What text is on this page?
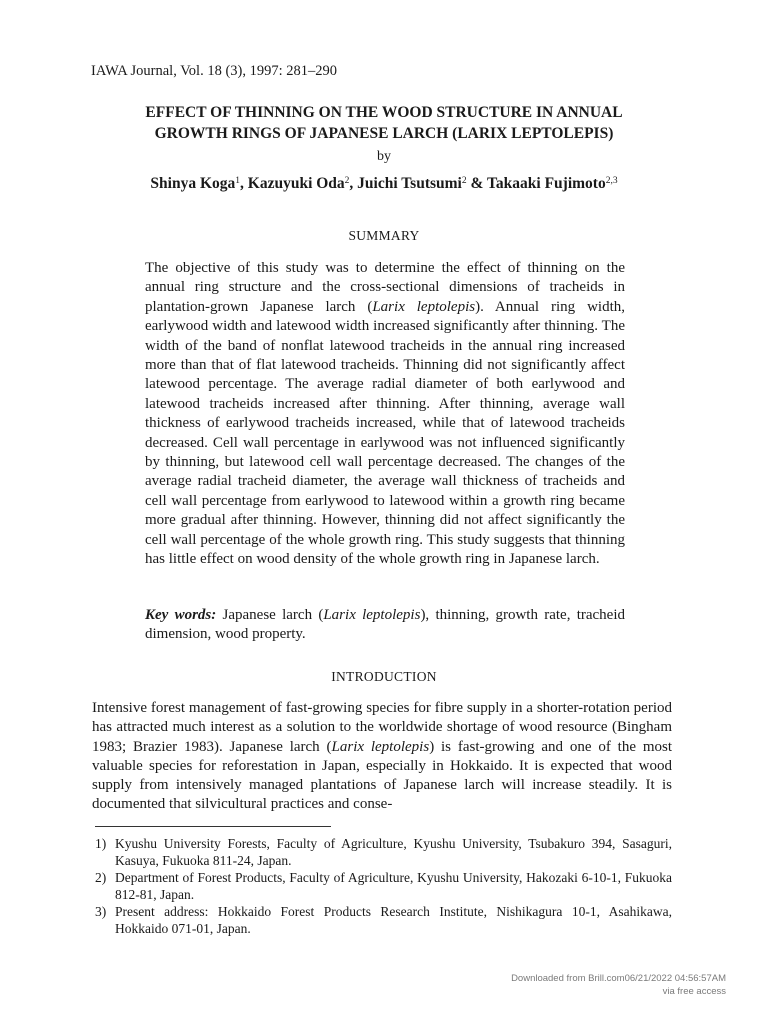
IAWA Journal, Vol. 18 (3), 1997: 281–290
EFFECT OF THINNING ON THE WOOD STRUCTURE IN ANNUAL
GROWTH RINGS OF JAPANESE LARCH (LARIX LEPTOLEPIS)
by
Shinya Koga$^1$, Kazuyuki Oda$^2$, Juichi Tsutsumi$^2$ & Takaaki Fujimoto$^{2,3}$
SUMMARY

The objective of this study was to determine the effect of thinning on the annual ring structure and the cross-sectional dimensions of tracheids in plantation-grown Japanese larch (Larix leptolepis). Annual ring width, earlywood width and latewood width increased significantly after thinning. The width of the band of nonflat latewood tracheids in the annual ring increased more than that of flat latewood tracheids. Thinning did not significantly affect latewood percentage. The average radial diameter of both earlywood and latewood tracheids increased after thinning. After thinning, average wall thickness of earlywood tracheids increased, while that of latewood tracheids decreased. Cell wall percentage in earlywood was not influenced significantly by thinning, but latewood cell wall percentage decreased. The changes of the average radial tracheid diameter, the average wall thickness of tracheids and cell wall percentage from earlywood to latewood within a growth ring became more gradual after thinning. However, thinning did not affect significantly the cell wall percentage of the whole growth ring. This study suggests that thinning has little effect on wood density of the whole growth ring in Japanese larch.

Key words: Japanese larch (Larix leptolepis), thinning, growth rate, tracheid dimension, wood property.

INTRODUCTION

Intensive forest management of fast-growing species for fibre supply in a shorter-rotation period has attracted much interest as a solution to the worldwide shortage of wood resource (Bingham 1983; Brazier 1983). Japanese larch (Larix leptolepis) is fast-growing and one of the most valuable species for reforestation in Japan, especially in Hokkaido. It is expected that wood supply from intensively managed plantations of Japanese larch will increase steadily. It is documented that silvicultural practices and conse-

1) Kyushu University Forests, Faculty of Agriculture, Kyushu University, Tsubakuro 394, Sasaguri, Kasuya, Fukuoka 811-24, Japan.
2) Department of Forest Products, Faculty of Agriculture, Kyushu University, Hakozaki 6-10-1, Fukuoka 812-81, Japan.
3) Present address: Hokkaido Forest Products Research Institute, Nishikagura 10-1, Asahikawa, Hokkaido 071-01, Japan.
Downloaded from Brill.com06/21/2022 04:56:57AM
via free access
